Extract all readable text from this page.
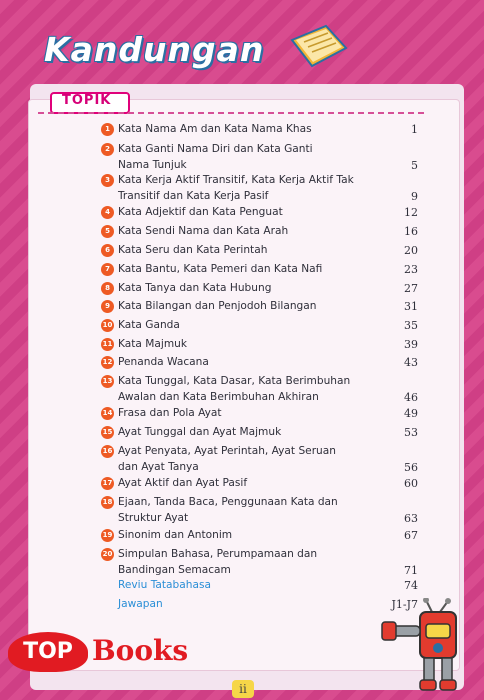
Kandungan
TOPIK
1 Kata Nama Am dan Kata Nama Khas	1
2 Kata Ganti Nama Diri dan Kata Ganti Nama Tunjuk	5
3 Kata Kerja Aktif Transitif, Kata Kerja Aktif Tak Transitif dan Kata Kerja Pasif	9
4 Kata Adjektif dan Kata Penguat	12
5 Kata Sendi Nama dan Kata Arah	16
6 Kata Seru dan Kata Perintah	20
7 Kata Bantu, Kata Pemeri dan Kata Nafi	23
8 Kata Tanya dan Kata Hubung	27
9 Kata Bilangan dan Penjodoh Bilangan	31
10 Kata Ganda	35
11 Kata Majmuk	39
12 Penanda Wacana	43
13 Kata Tunggal, Kata Dasar, Kata Berimbuhan Awalan dan Kata Berimbuhan Akhiran	46
14 Frasa dan Pola Ayat	49
15 Ayat Tunggal dan Ayat Majmuk	53
16 Ayat Penyata, Ayat Perintah, Ayat Seruan dan Ayat Tanya	56
17 Ayat Aktif dan Ayat Pasif	60
18 Ejaan, Tanda Baca, Penggunaan Kata dan Struktur Ayat	63
19 Sinonim dan Antonim	67
20 Simpulan Bahasa, Perumpamaan dan Bandingan Semacam	71
Reviu Tatabahasa	74
Jawapan	J1-J7
TOP Books
ii
